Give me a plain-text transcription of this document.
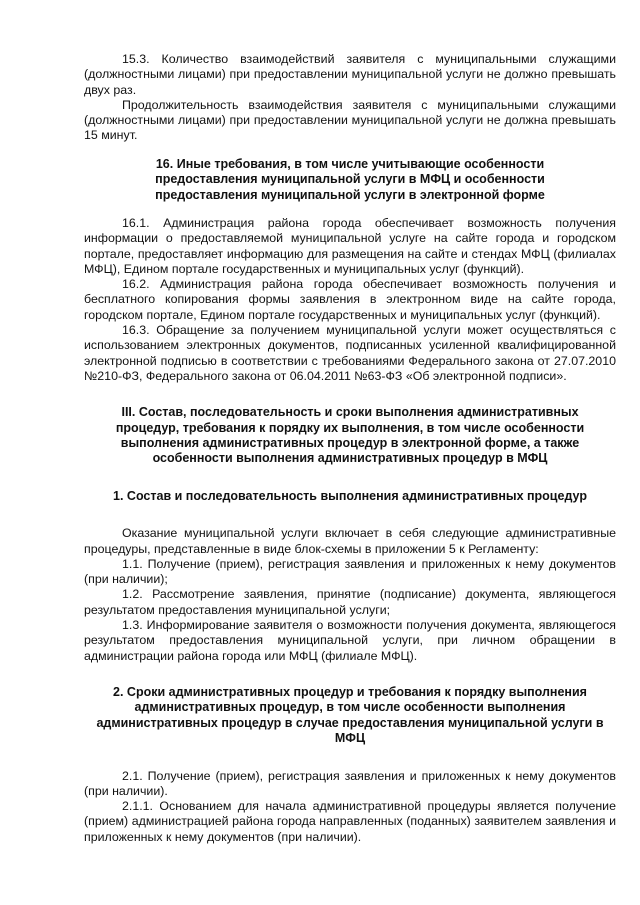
15.3. Количество взаимодействий заявителя с муниципальными служащими (должностными лицами) при предоставлении муниципальной услуги не должно превышать двух раз.

Продолжительность взаимодействия заявителя с муниципальными служащими (должностными лицами) при предоставлении муниципальной услуги не должна превышать 15 минут.

16. Иные требования, в том числе учитывающие особенности предоставления муниципальной услуги в МФЦ и особенности предоставления муниципальной услуги в электронной форме

16.1. Администрация района города обеспечивает возможность получения информации о предоставляемой муниципальной услуге на сайте города и городском портале, предоставляет информацию для размещения на сайте и стендах МФЦ (филиалах МФЦ), Едином портале государственных и муниципальных услуг (функций).

16.2. Администрация района города обеспечивает возможность получения и бесплатного копирования формы заявления в электронном виде на сайте города, городском портале, Едином портале государственных и муниципальных услуг (функций).

16.3. Обращение за получением муниципальной услуги может осуществляться с использованием электронных документов, подписанных усиленной квалифицированной электронной подписью в соответствии с требованиями Федерального закона от 27.07.2010 №210-ФЗ, Федерального закона от 06.04.2011 №63-ФЗ «Об электронной подписи».

III. Состав, последовательность и сроки выполнения административных процедур, требования к порядку их выполнения, в том числе особенности выполнения административных процедур в электронной форме, а также особенности выполнения административных процедур в МФЦ
1. Состав и последовательность выполнения административных процедур

Оказание муниципальной услуги включает в себя следующие административные процедуры, представленные в виде блок-схемы в приложении 5 к Регламенту:

1.1. Получение (прием), регистрация заявления и приложенных к нему документов (при наличии);

1.2. Рассмотрение заявления, принятие (подписание) документа, являющегося результатом предоставления муниципальной услуги;

1.3. Информирование заявителя о возможности получения документа, являющегося результатом предоставления муниципальной услуги, при личном обращении в администрации района города или МФЦ (филиале МФЦ).

2. Сроки административных процедур и требования к порядку выполнения административных процедур, в том числе особенности выполнения административных процедур в случае предоставления муниципальной услуги в МФЦ

2.1. Получение (прием), регистрация заявления и приложенных к нему документов (при наличии).

2.1.1. Основанием для начала административной процедуры является получение (прием) администрацией района города направленных (поданных) заявителем заявления и приложенных к нему документов (при наличии).
